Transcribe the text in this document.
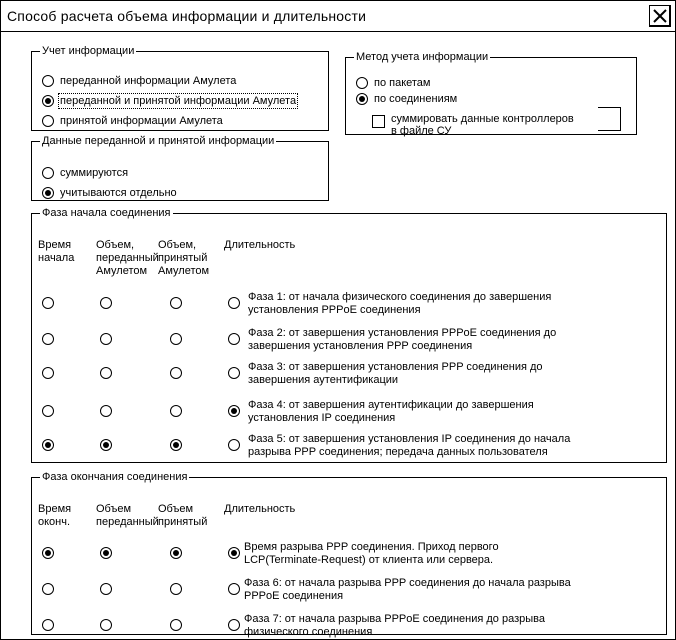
Способ расчета объема информации и длительности
Учет информации
переданной информации Амулета
переданной и принятой информации Амулета
принятой информации Амулета
Данные переданной и принятой информации
суммируются
учитываются отдельно
Метод учета информации
по пакетам
по соединениям
суммировать данные контроллеров
в файле СУ
Фаза начала соединения
Время
начала
Объем,
переданный
Амулетом
Объем,
принятый
Амулетом
Длительность
Фаза 1: от начала физического соединения до завершения
установления PPPoE соединения
Фаза 2: от завершения установления PPPoE соединения до
завершения установления PPP соединения
Фаза 3: от завершения установления PPP соединения до
завершения аутентификации
Фаза 4: от завершения аутентификации до завершения
установления IP соединения
Фаза 5: от завершения установления IP соединения до начала
разрыва PPP соединения; передача данных пользователя
Фаза окончания соединения
Время
оконч.
Объем
переданный
Объем
принятый
Длительность
Время разрыва PPP соединения. Приход первого
LCP(Terminate-Request) от клиента или сервера.
Фаза 6: от начала разрыва PPP соединения до начала разрыва
PPPoE соединения
Фаза 7: от начала разрыва PPPoE соединения до разрыва
физического соединения
